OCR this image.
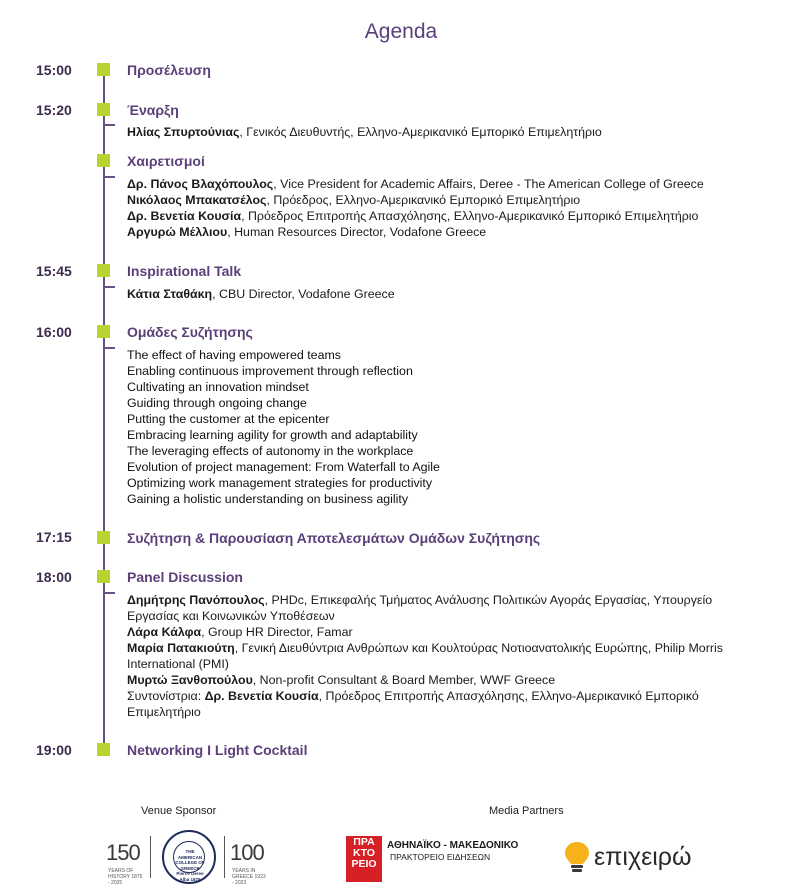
Agenda
15:00	Προσέλευση
15:20	Έναρξη
Ηλίας Σπυρτούνιας, Γενικός Διευθυντής, Ελληνο-Αμερικανικό Εμπορικό Επιμελητήριο
Χαιρετισμοί
Δρ. Πάνος Βλαχόπουλος, Vice President for Academic Affairs, Deree - The American College of Greece
Νικόλαος Μπακατσέλος, Πρόεδρος, Ελληνο-Αμερικανικό Εμπορικό Επιμελητήριο
Δρ. Βενετία Κουσία, Πρόεδρος Επιτροπής Απασχόλησης, Ελληνο-Αμερικανικό Εμπορικό Επιμελητήριο
Αργυρώ Μέλλιου, Human Resources Director, Vodafone Greece
15:45	Inspirational Talk
Κάτια Σταθάκη, CBU Director, Vodafone Greece
16:00	Ομάδες Συζήτησης
The effect of having empowered teams
Enabling continuous improvement through reflection
Cultivating an innovation mindset
Guiding through ongoing change
Putting the customer at the epicenter
Embracing learning agility for growth and adaptability
The leveraging effects of autonomy in the workplace
Evolution of project management: From Waterfall to Agile
Optimizing work management strategies for productivity
Gaining a holistic understanding on business agility
17:15	Συζήτηση & Παρουσίαση Αποτελεσμάτων Ομάδων Συζήτησης
18:00	Panel Discussion
Δημήτρης Πανόπουλος, PHDc, Επικεφαλής Τμήματος Ανάλυσης Πολιτικών Αγοράς Εργασίας, Υπουργείο Εργασίας και Κοινωνικών Υποθέσεων
Λάρα Κάλφα, Group HR Director, Famar
Μαρία Πατακιούτη, Γενική Διευθύντρια Ανθρώπων και Κουλτούρας Νοτιοανατολικής Ευρώπης, Philip Morris International (PMI)
Μυρτώ Ξανθοπούλου, Non-profit Consultant & Board Member, WWF Greece
Συντονίστρια: Δρ. Βενετία Κουσία, Πρόεδρος Επιτροπής Απασχόλησης, Ελληνο-Αμερικανικό Εμπορικό Επιμελητήριο
19:00	Networking I Light Cocktail
Venue Sponsor	Media Partners
150
YEARS OF HISTORY 1875 - 2025
THE AMERICAN COLLEGE OF GREECE Pierce Deree Alba 1875
100
YEARS IN GREECE 1923 - 2023
ΠΡΑ
ΚΤΟ
ΡΕΙΟ
ΑΘΗΝΑΪΚΟ - ΜΑΚΕΔΟΝΙΚΟ
ΠΡΑΚΤΟΡΕΙΟ ΕΙΔΗΣΕΩΝ	επιχειρώ
